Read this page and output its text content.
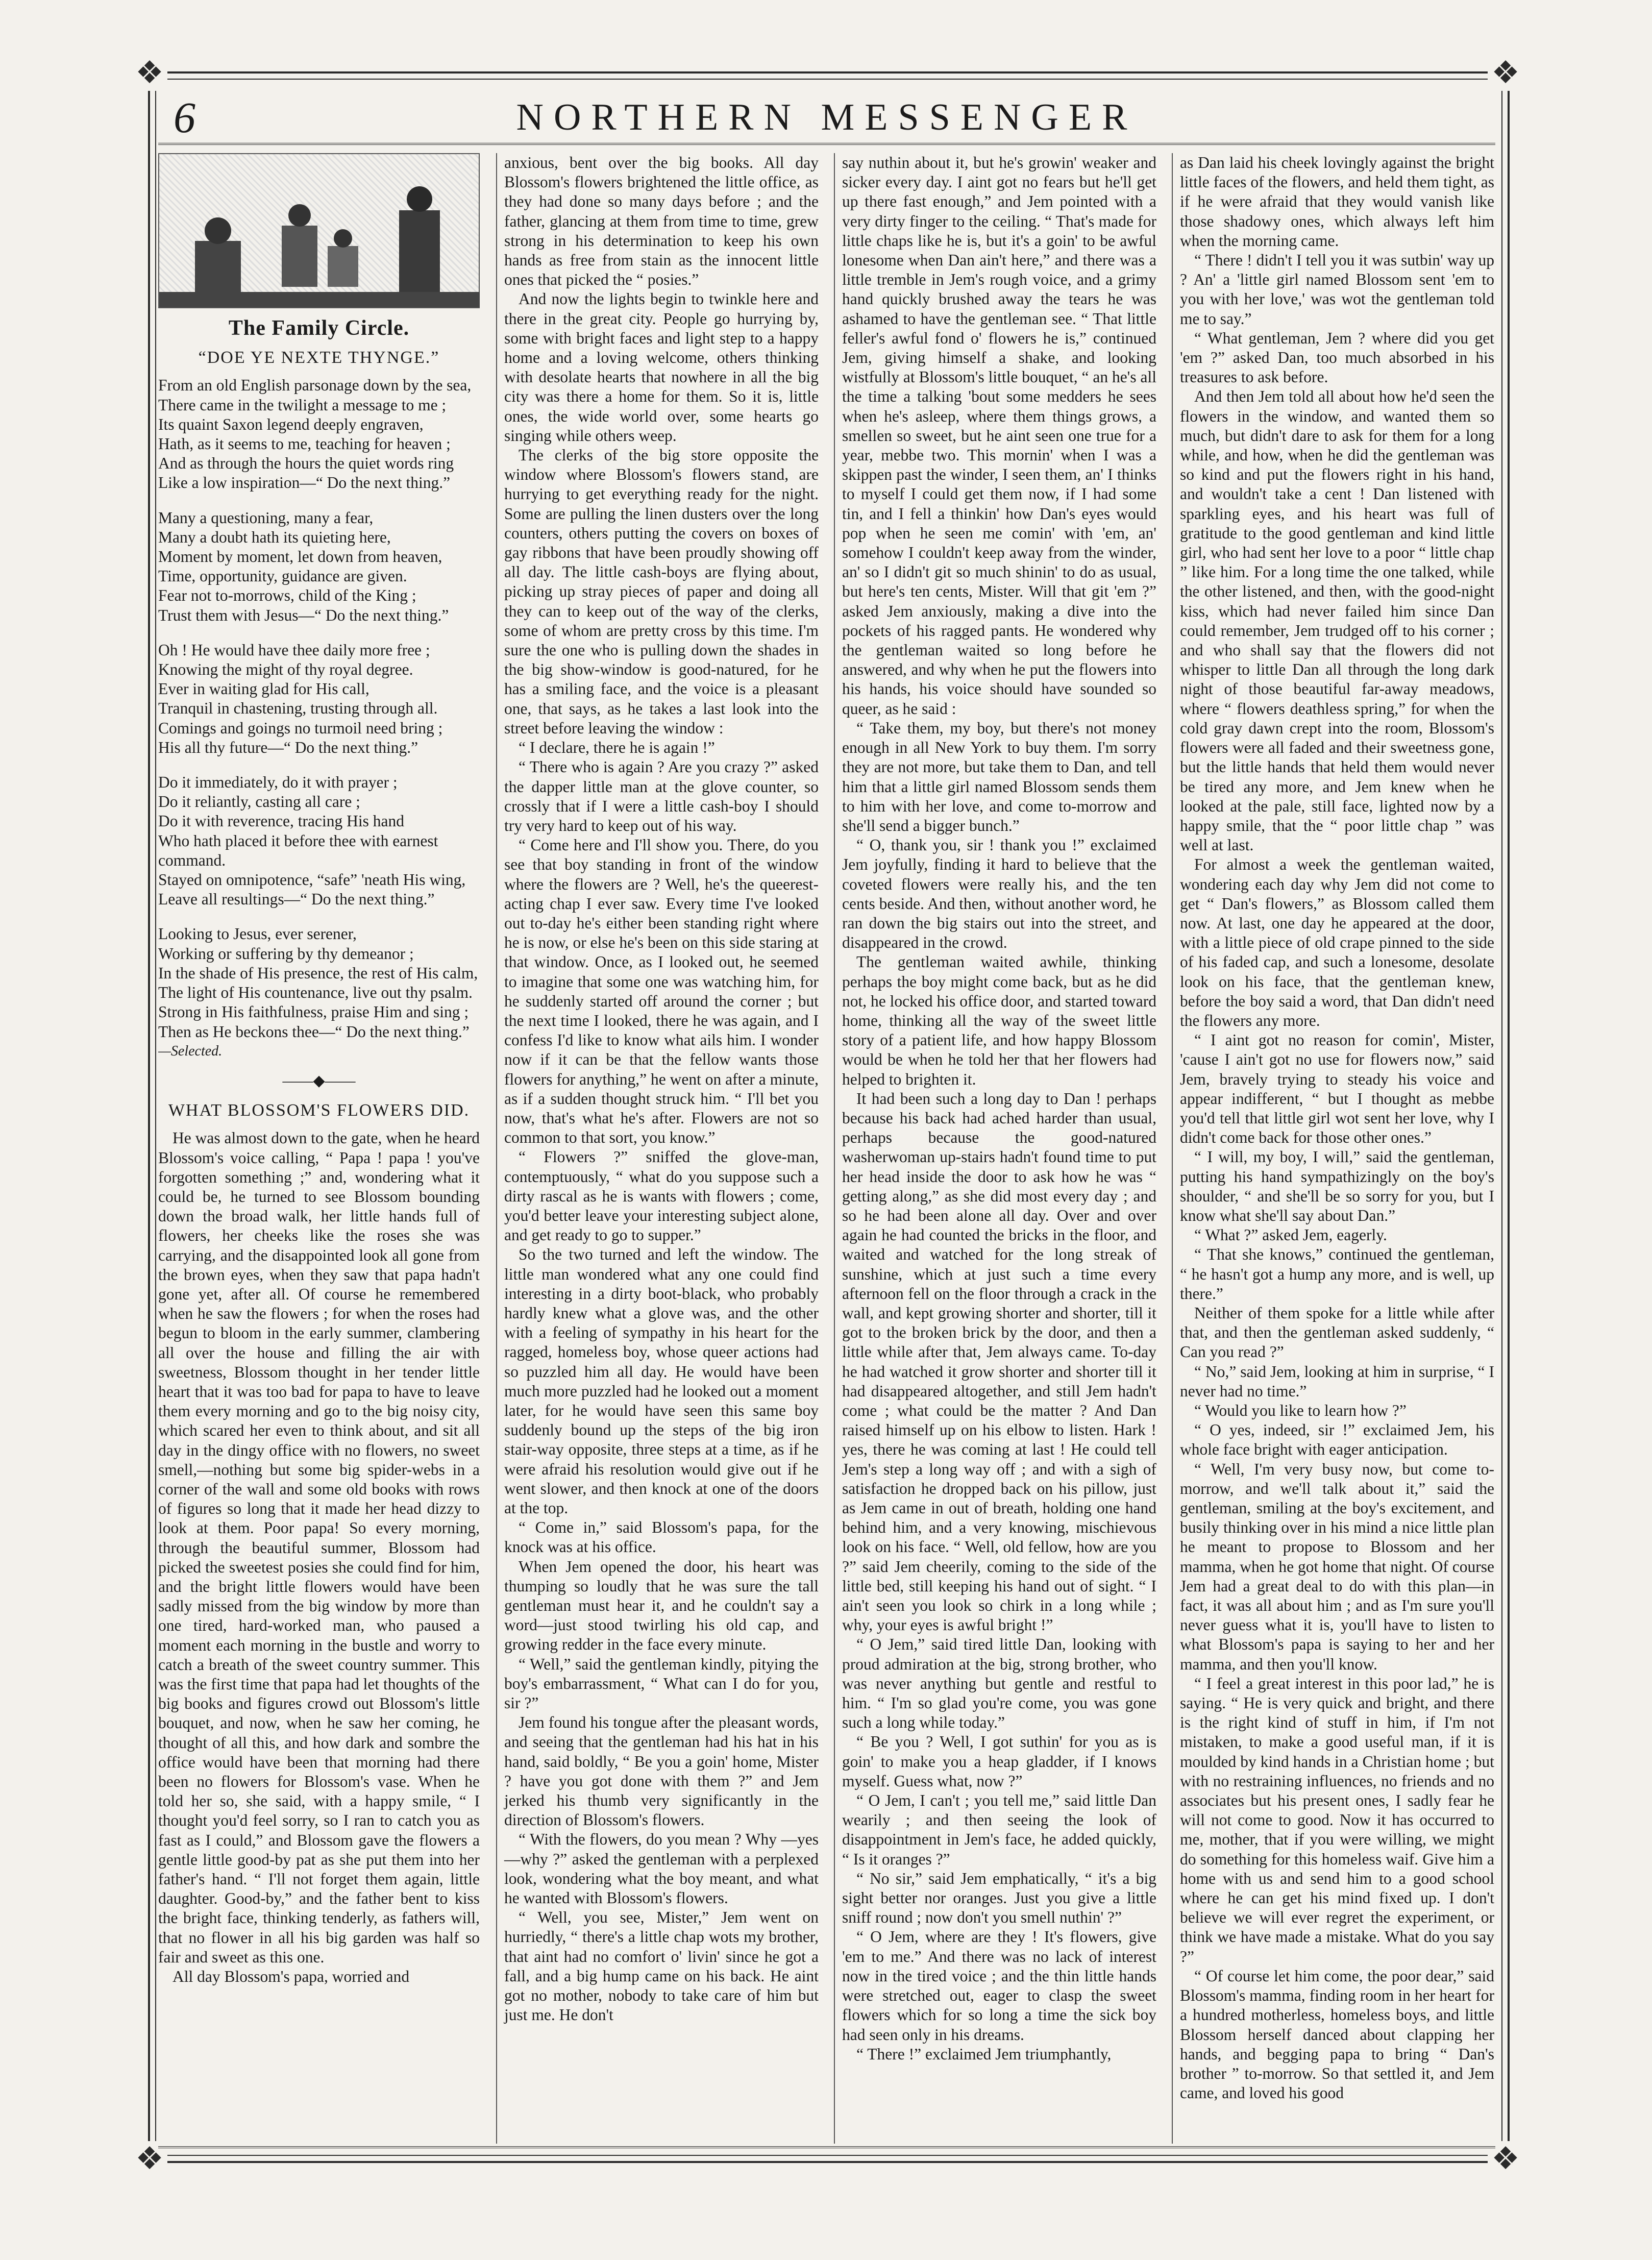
❖	❖
❖	❖
6	NORTHERN MESSENGER
The Family Circle.
“DOE YE NEXTE THYNGE.”

From an old English parsonage down by the sea,

There came in the twilight a message to me ;

Its quaint Saxon legend deeply engraven,

Hath, as it seems to me, teaching for heaven ;

And as through the hours the quiet words ring

Like a low inspiration—“ Do the next thing.”

Many a questioning, many a fear,

Many a doubt hath its quieting here,

Moment by moment, let down from heaven,

Time, opportunity, guidance are given.

Fear not to-morrows, child of the King ;

Trust them with Jesus—“ Do the next thing.”

Oh ! He would have thee daily more free ;

Knowing the might of thy royal degree.

Ever in waiting glad for His call,

Tranquil in chastening, trusting through all.

Comings and goings no turmoil need bring ;

His all thy future—“ Do the next thing.”

Do it immediately, do it with prayer ;

Do it reliantly, casting all care ;

Do it with reverence, tracing His hand

Who hath placed it before thee with earnest command.

Stayed on omnipotence, “safe” 'neath His wing,

Leave all resultings—“ Do the next thing.”

Looking to Jesus, ever serener,

Working or suffering by thy demeanor ;

In the shade of His presence, the rest of His calm,

The light of His countenance, live out thy psalm.

Strong in His faithfulness, praise Him and sing ;

Then as He beckons thee—“ Do the next thing.”

—Selected.

——◆——
WHAT BLOSSOM'S FLOWERS DID.

He was almost down to the gate, when he heard Blossom's voice calling, “ Papa ! papa ! you've forgotten something ;” and, wondering what it could be, he turned to see Blossom bounding down the broad walk, her little hands full of flowers, her cheeks like the roses she was carrying, and the disappointed look all gone from the brown eyes, when they saw that papa hadn't gone yet, after all. Of course he remembered when he saw the flowers ; for when the roses had begun to bloom in the early summer, clambering all over the house and filling the air with sweetness, Blossom thought in her tender little heart that it was too bad for papa to have to leave them every morning and go to the big noisy city, which scared her even to think about, and sit all day in the dingy office with no flowers, no sweet smell,—nothing but some big spider-webs in a corner of the wall and some old books with rows of figures so long that it made her head dizzy to look at them. Poor papa! So every morning, through the beautiful summer, Blossom had picked the sweetest posies she could find for him, and the bright little flowers would have been sadly missed from the big window by more than one tired, hard-worked man, who paused a moment each morning in the bustle and worry to catch a breath of the sweet country summer. This was the first time that papa had let thoughts of the big books and figures crowd out Blossom's little bouquet, and now, when he saw her coming, he thought of all this, and how dark and sombre the office would have been that morning had there been no flowers for Blossom's vase. When he told her so, she said, with a happy smile, “ I thought you'd feel sorry, so I ran to catch you as fast as I could,” and Blossom gave the flowers a gentle little good-by pat as she put them into her father's hand. “ I'll not forget them again, little daughter. Good-by,” and the father bent to kiss the bright face, thinking tenderly, as fathers will, that no flower in all his big garden was half so fair and sweet as this one.

All day Blossom's papa, worried and

anxious, bent over the big books. All day Blossom's flowers brightened the little office, as they had done so many days before ; and the father, glancing at them from time to time, grew strong in his determination to keep his own hands as free from stain as the innocent little ones that picked the “ posies.”

And now the lights begin to twinkle here and there in the great city. People go hurrying by, some with bright faces and light step to a happy home and a loving welcome, others thinking with desolate hearts that nowhere in all the big city was there a home for them. So it is, little ones, the wide world over, some hearts go singing while others weep.

The clerks of the big store opposite the window where Blossom's flowers stand, are hurrying to get everything ready for the night. Some are pulling the linen dusters over the long counters, others putting the covers on boxes of gay ribbons that have been proudly showing off all day. The little cash-boys are flying about, picking up stray pieces of paper and doing all they can to keep out of the way of the clerks, some of whom are pretty cross by this time. I'm sure the one who is pulling down the shades in the big show-window is good-natured, for he has a smiling face, and the voice is a pleasant one, that says, as he takes a last look into the street before leaving the window :

“ I declare, there he is again !”

“ There who is again ? Are you crazy ?” asked the dapper little man at the glove counter, so crossly that if I were a little cash-boy I should try very hard to keep out of his way.

“ Come here and I'll show you. There, do you see that boy standing in front of the window where the flowers are ? Well, he's the queerest-acting chap I ever saw. Every time I've looked out to-day he's either been standing right where he is now, or else he's been on this side staring at that window. Once, as I looked out, he seemed to imagine that some one was watching him, for he suddenly started off around the corner ; but the next time I looked, there he was again, and I confess I'd like to know what ails him. I wonder now if it can be that the fellow wants those flowers for anything,” he went on after a minute, as if a sudden thought struck him. “ I'll bet you now, that's what he's after. Flowers are not so common to that sort, you know.”

“ Flowers ?” sniffed the glove-man, contemptuously, “ what do you suppose such a dirty rascal as he is wants with flowers ; come, you'd better leave your interesting subject alone, and get ready to go to supper.”

So the two turned and left the window. The little man wondered what any one could find interesting in a dirty boot-black, who probably hardly knew what a glove was, and the other with a feeling of sympathy in his heart for the ragged, homeless boy, whose queer actions had so puzzled him all day. He would have been much more puzzled had he looked out a moment later, for he would have seen this same boy suddenly bound up the steps of the big iron stair-way opposite, three steps at a time, as if he were afraid his resolution would give out if he went slower, and then knock at one of the doors at the top.

“ Come in,” said Blossom's papa, for the knock was at his office.

When Jem opened the door, his heart was thumping so loudly that he was sure the tall gentleman must hear it, and he couldn't say a word—just stood twirling his old cap, and growing redder in the face every minute.

“ Well,” said the gentleman kindly, pitying the boy's embarrassment, “ What can I do for you, sir ?”

Jem found his tongue after the pleasant words, and seeing that the gentleman had his hat in his hand, said boldly, “ Be you a goin' home, Mister ? have you got done with them ?” and Jem jerked his thumb very significantly in the direction of Blossom's flowers.

“ With the flowers, do you mean ? Why —yes—why ?” asked the gentleman with a perplexed look, wondering what the boy meant, and what he wanted with Blossom's flowers.

“ Well, you see, Mister,” Jem went on hurriedly, “ there's a little chap wots my brother, that aint had no comfort o' livin' since he got a fall, and a big hump came on his back. He aint got no mother, nobody to take care of him but just me. He don't

say nuthin about it, but he's growin' weaker and sicker every day. I aint got no fears but he'll get up there fast enough,” and Jem pointed with a very dirty finger to the ceiling. “ That's made for little chaps like he is, but it's a goin' to be awful lonesome when Dan ain't here,” and there was a little tremble in Jem's rough voice, and a grimy hand quickly brushed away the tears he was ashamed to have the gentleman see. “ That little feller's awful fond o' flowers he is,” continued Jem, giving himself a shake, and looking wistfully at Blossom's little bouquet, “ an he's all the time a talking 'bout some medders he sees when he's asleep, where them things grows, a smellen so sweet, but he aint seen one true for a year, mebbe two. This mornin' when I was a skippen past the winder, I seen them, an' I thinks to myself I could get them now, if I had some tin, and I fell a thinkin' how Dan's eyes would pop when he seen me comin' with 'em, an' somehow I couldn't keep away from the winder, an' so I didn't git so much shinin' to do as usual, but here's ten cents, Mister. Will that git 'em ?” asked Jem anxiously, making a dive into the pockets of his ragged pants. He wondered why the gentleman waited so long before he answered, and why when he put the flowers into his hands, his voice should have sounded so queer, as he said :

“ Take them, my boy, but there's not money enough in all New York to buy them. I'm sorry they are not more, but take them to Dan, and tell him that a little girl named Blossom sends them to him with her love, and come to-morrow and she'll send a bigger bunch.”

“ O, thank you, sir ! thank you !” exclaimed Jem joyfully, finding it hard to believe that the coveted flowers were really his, and the ten cents beside. And then, without another word, he ran down the big stairs out into the street, and disappeared in the crowd.

The gentleman waited awhile, thinking perhaps the boy might come back, but as he did not, he locked his office door, and started toward home, thinking all the way of the sweet little story of a patient life, and how happy Blossom would be when he told her that her flowers had helped to brighten it.

It had been such a long day to Dan ! perhaps because his back had ached harder than usual, perhaps because the good-natured washerwoman up-stairs hadn't found time to put her head inside the door to ask how he was “ getting along,” as she did most every day ; and so he had been alone all day. Over and over again he had counted the bricks in the floor, and waited and watched for the long streak of sunshine, which at just such a time every afternoon fell on the floor through a crack in the wall, and kept growing shorter and shorter, till it got to the broken brick by the door, and then a little while after that, Jem always came. To-day he had watched it grow shorter and shorter till it had disappeared altogether, and still Jem hadn't come ; what could be the matter ? And Dan raised himself up on his elbow to listen. Hark ! yes, there he was coming at last ! He could tell Jem's step a long way off ; and with a sigh of satisfaction he dropped back on his pillow, just as Jem came in out of breath, holding one hand behind him, and a very knowing, mischievous look on his face. “ Well, old fellow, how are you ?” said Jem cheerily, coming to the side of the little bed, still keeping his hand out of sight. “ I ain't seen you look so chirk in a long while ; why, your eyes is awful bright !”

“ O Jem,” said tired little Dan, looking with proud admiration at the big, strong brother, who was never anything but gentle and restful to him. “ I'm so glad you're come, you was gone such a long while today.”

“ Be you ? Well, I got suthin' for you as is goin' to make you a heap gladder, if I knows myself. Guess what, now ?”

“ O Jem, I can't ; you tell me,” said little Dan wearily ; and then seeing the look of disappointment in Jem's face, he added quickly, “ Is it oranges ?”

“ No sir,” said Jem emphatically, “ it's a big sight better nor oranges. Just you give a little sniff round ; now don't you smell nuthin' ?”

“ O Jem, where are they ! It's flowers, give 'em to me.” And there was no lack of interest now in the tired voice ; and the thin little hands were stretched out, eager to clasp the sweet flowers which for so long a time the sick boy had seen only in his dreams.

“ There !” exclaimed Jem triumphantly,

as Dan laid his cheek lovingly against the bright little faces of the flowers, and held them tight, as if he were afraid that they would vanish like those shadowy ones, which always left him when the morning came.

“ There ! didn't I tell you it was sutbin' way up ? An' a 'little girl named Blossom sent 'em to you with her love,' was wot the gentleman told me to say.”

“ What gentleman, Jem ? where did you get 'em ?” asked Dan, too much absorbed in his treasures to ask before.

And then Jem told all about how he'd seen the flowers in the window, and wanted them so much, but didn't dare to ask for them for a long while, and how, when he did the gentleman was so kind and put the flowers right in his hand, and wouldn't take a cent ! Dan listened with sparkling eyes, and his heart was full of gratitude to the good gentleman and kind little girl, who had sent her love to a poor “ little chap ” like him. For a long time the one talked, while the other listened, and then, with the good-night kiss, which had never failed him since Dan could remember, Jem trudged off to his corner ; and who shall say that the flowers did not whisper to little Dan all through the long dark night of those beautiful far-away meadows, where “ flowers deathless spring,” for when the cold gray dawn crept into the room, Blossom's flowers were all faded and their sweetness gone, but the little hands that held them would never be tired any more, and Jem knew when he looked at the pale, still face, lighted now by a happy smile, that the “ poor little chap ” was well at last.

For almost a week the gentleman waited, wondering each day why Jem did not come to get “ Dan's flowers,” as Blossom called them now. At last, one day he appeared at the door, with a little piece of old crape pinned to the side of his faded cap, and such a lonesome, desolate look on his face, that the gentleman knew, before the boy said a word, that Dan didn't need the flowers any more.

“ I aint got no reason for comin', Mister, 'cause I ain't got no use for flowers now,” said Jem, bravely trying to steady his voice and appear indifferent, “ but I thought as mebbe you'd tell that little girl wot sent her love, why I didn't come back for those other ones.”

“ I will, my boy, I will,” said the gentleman, putting his hand sympathizingly on the boy's shoulder, “ and she'll be so sorry for you, but I know what she'll say about Dan.”

“ What ?” asked Jem, eagerly.

“ That she knows,” continued the gentleman, “ he hasn't got a hump any more, and is well, up there.”

Neither of them spoke for a little while after that, and then the gentleman asked suddenly, “ Can you read ?”

“ No,” said Jem, looking at him in surprise, “ I never had no time.”

“ Would you like to learn how ?”

“ O yes, indeed, sir !” exclaimed Jem, his whole face bright with eager anticipation.

“ Well, I'm very busy now, but come to-morrow, and we'll talk about it,” said the gentleman, smiling at the boy's excitement, and busily thinking over in his mind a nice little plan he meant to propose to Blossom and her mamma, when he got home that night. Of course Jem had a great deal to do with this plan—in fact, it was all about him ; and as I'm sure you'll never guess what it is, you'll have to listen to what Blossom's papa is saying to her and her mamma, and then you'll know.

“ I feel a great interest in this poor lad,” he is saying. “ He is very quick and bright, and there is the right kind of stuff in him, if I'm not mistaken, to make a good useful man, if it is moulded by kind hands in a Christian home ; but with no restraining influences, no friends and no associates but his present ones, I sadly fear he will not come to good. Now it has occurred to me, mother, that if you were willing, we might do something for this homeless waif. Give him a home with us and send him to a good school where he can get his mind fixed up. I don't believe we will ever regret the experiment, or think we have made a mistake. What do you say ?”

“ Of course let him come, the poor dear,” said Blossom's mamma, finding room in her heart for a hundred motherless, homeless boys, and little Blossom herself danced about clapping her hands, and begging papa to bring “ Dan's brother ” to-morrow. So that settled it, and Jem came, and loved his good
